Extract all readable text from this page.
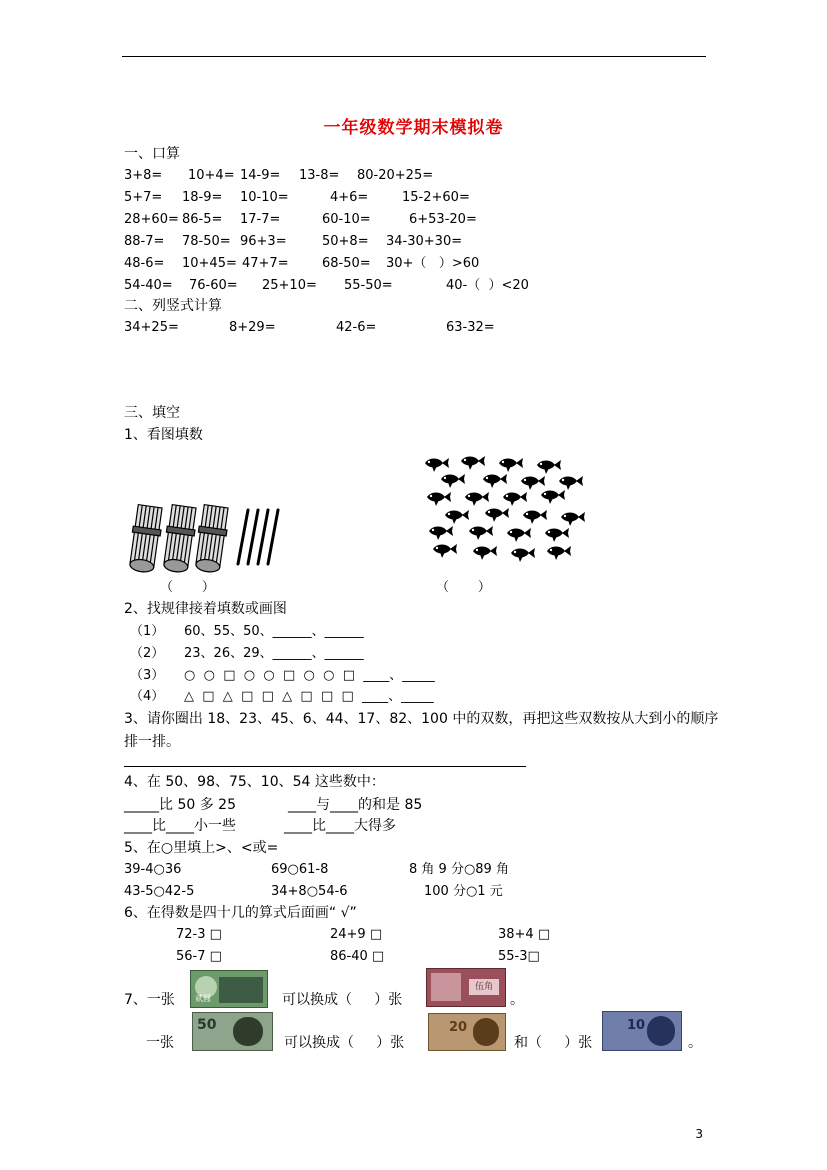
一年级数学期末模拟卷
一、口算
3+8= 10+4= 14-9= 13-8= 80-20+25=
5+7= 18-9= 10-10=	4+6=	15-2+60=
28+60= 86-5= 17-7=	60-10=	6+53-20=
88-7= 78-50= 96+3=	50+8= 34-30+30=
48-6= 10+45= 47+7=	68-50= 30+（   ）>60
54-40= 76-60= 25+10= 55-50=	40-（  ）<20
二、列竖式计算
34+25=	8+29=	42-6=	63-32=
三、填空
1、看图填数
（       ）	（       ）
2、找规律接着填数或画图
（1） 60、55、50、______、______
（2） 23、26、29、______、______
（3） ○  ○  □  ○  ○  □  ○  ○  □  ____、_____
（4） △  □  △  □  □  △  □  □  □  ____、_____
3、请你圈出 18、23、45、6、44、17、82、100 中的双数，再把这些双数按从大到小的顺序
排一排。
4、在 50、98、75、10、54 这些数中：
_____比 50 多 25	____与____的和是 85
____比____小一些	____比____大得多
5、在○里填上>、<或=
39-4○36	69○61-8	8 角 9 分○89 角
43-5○42-5	34+8○54-6	100 分○1 元
6、在得数是四十几的算式后面画“ √”
72-3 □	24+9 □	38+4 □
56-7 □	86-40 □	55-3□
7、一张	贰圆	可以换成（     ）张
伍角
。
一张
50
可以换成（     ）张
20
和（     ）张
10
。
3
